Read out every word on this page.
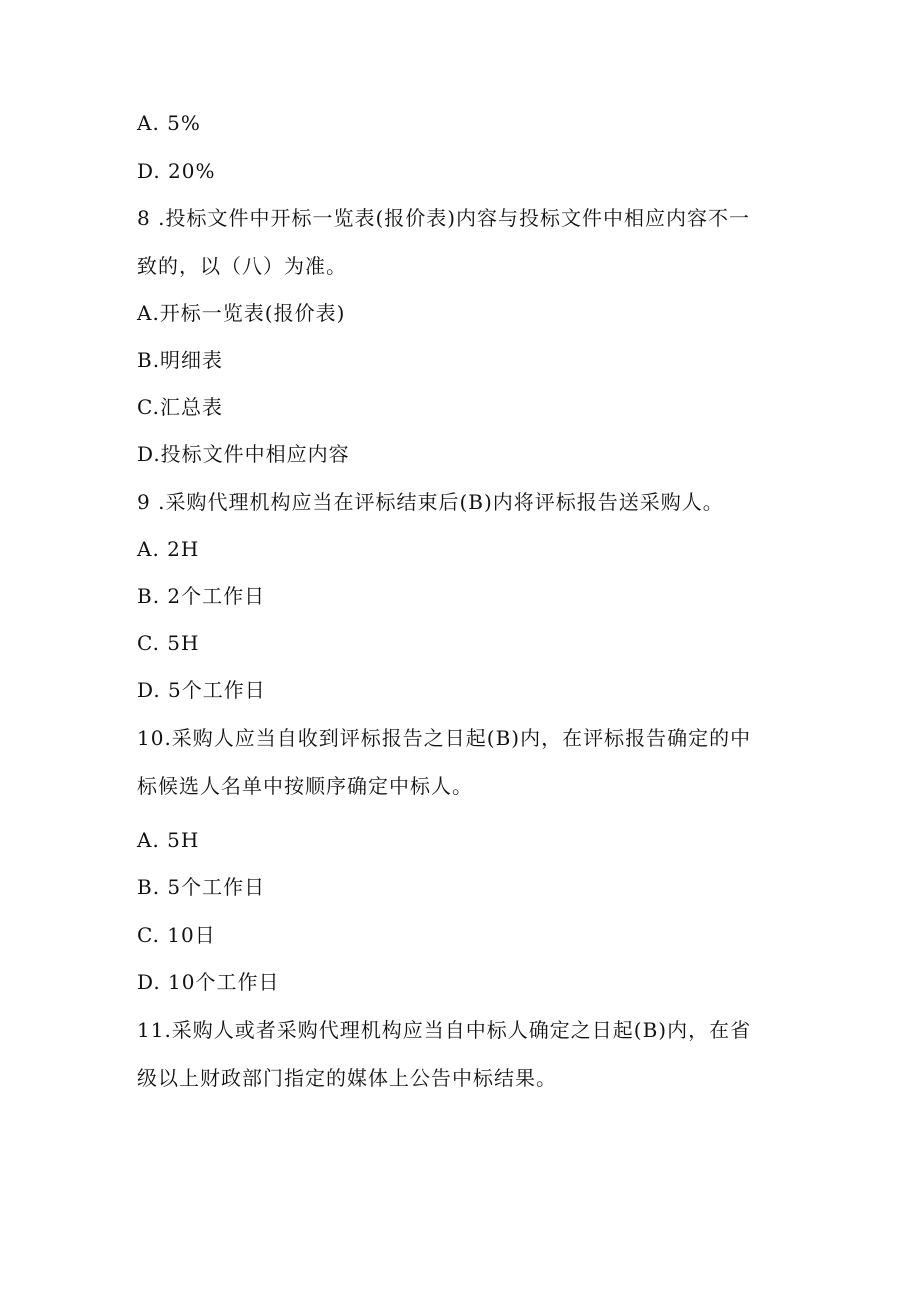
A. 5%
D. 20%
8 .投标文件中开标一览表(报价表)内容与投标文件中相应内容不一
致的，以（八）为准。
A.开标一览表(报价表)
B.明细表
C.汇总表
D.投标文件中相应内容
9 .采购代理机构应当在评标结束后(B)内将评标报告送采购人。
A. 2H
B. 2个工作日
C. 5H
D. 5个工作日
10.采购人应当自收到评标报告之日起(B)内，在评标报告确定的中
标候选人名单中按顺序确定中标人。
A. 5H
B. 5个工作日
C. 10日
D. 10个工作日
11.采购人或者采购代理机构应当自中标人确定之日起(B)内，在省
级以上财政部门指定的媒体上公告中标结果。
